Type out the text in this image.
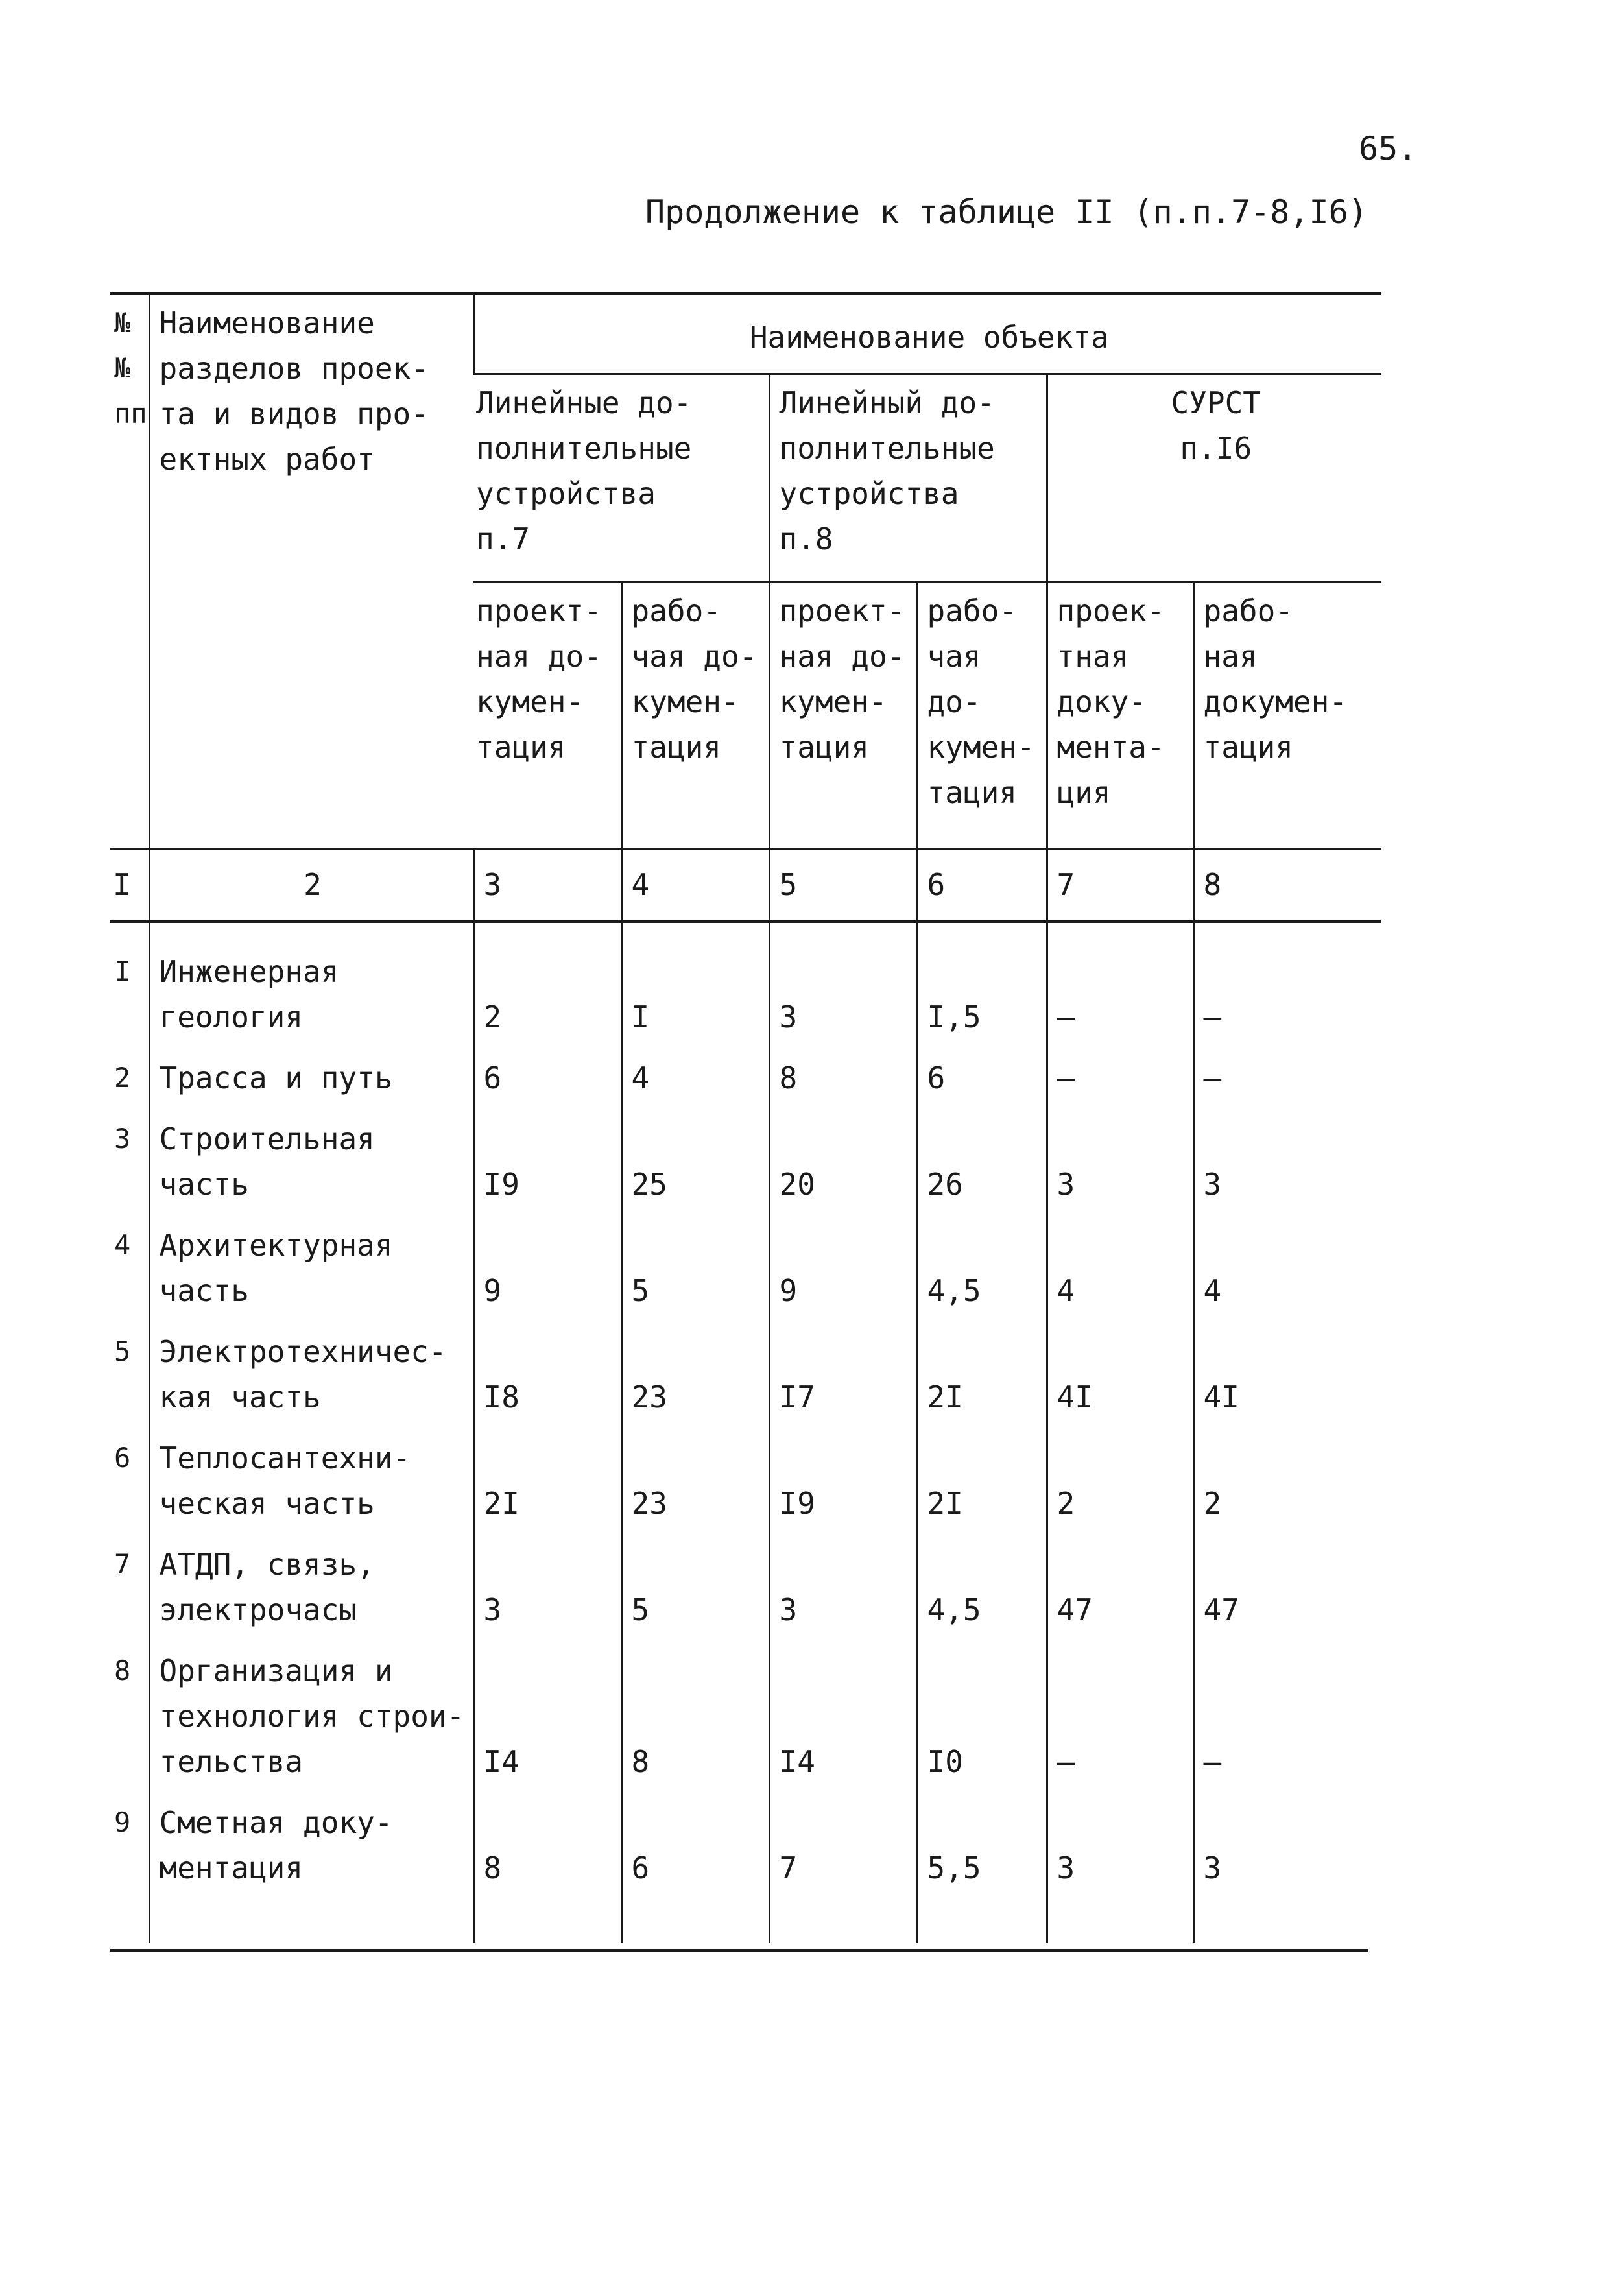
65.
Продолжение к таблице II (п.п.7-8,I6)
№№
пп	Наименование
разделов проек-
та и видов про-
ектных работ	Наименование объекта					
		Линейные до-
полнительные
устройства
п.7		Линейный до-
полнительные
устройства
п.8		СУРСТ
п.I6	
		проект-
ная до-
кумен-
тация	рабо-
чая до-
кумен-
тация	проект-
ная до-
кумен-
тация	рабо-
чая до-
кумен-
тация	проек-
тная
доку-
мента-
ция	рабо-
ная
докумен-
тация
I	2	3	4	5	6	7	8

I	Инженерная
геология	2	I	3	I,5	–	–
2	Трасса и путь	6	4	8	6	–	–
3	Строительная
часть	I9	25	20	26	3	3
4	Архитектурная
часть	9	5	9	4,5	4	4
5	Электротехничес-
кая часть	I8	23	I7	2I	4I	4I
6	Теплосантехни-
ческая часть	2I	23	I9	2I	2	2
7	АТДП, связь,
электрочасы	3	5	3	4,5	47	47
8	Организация и
технология строи-
тельства	I4	8	I4	I0	–	–
9	Сметная доку-
ментация	8	6	7	5,5	3	3
